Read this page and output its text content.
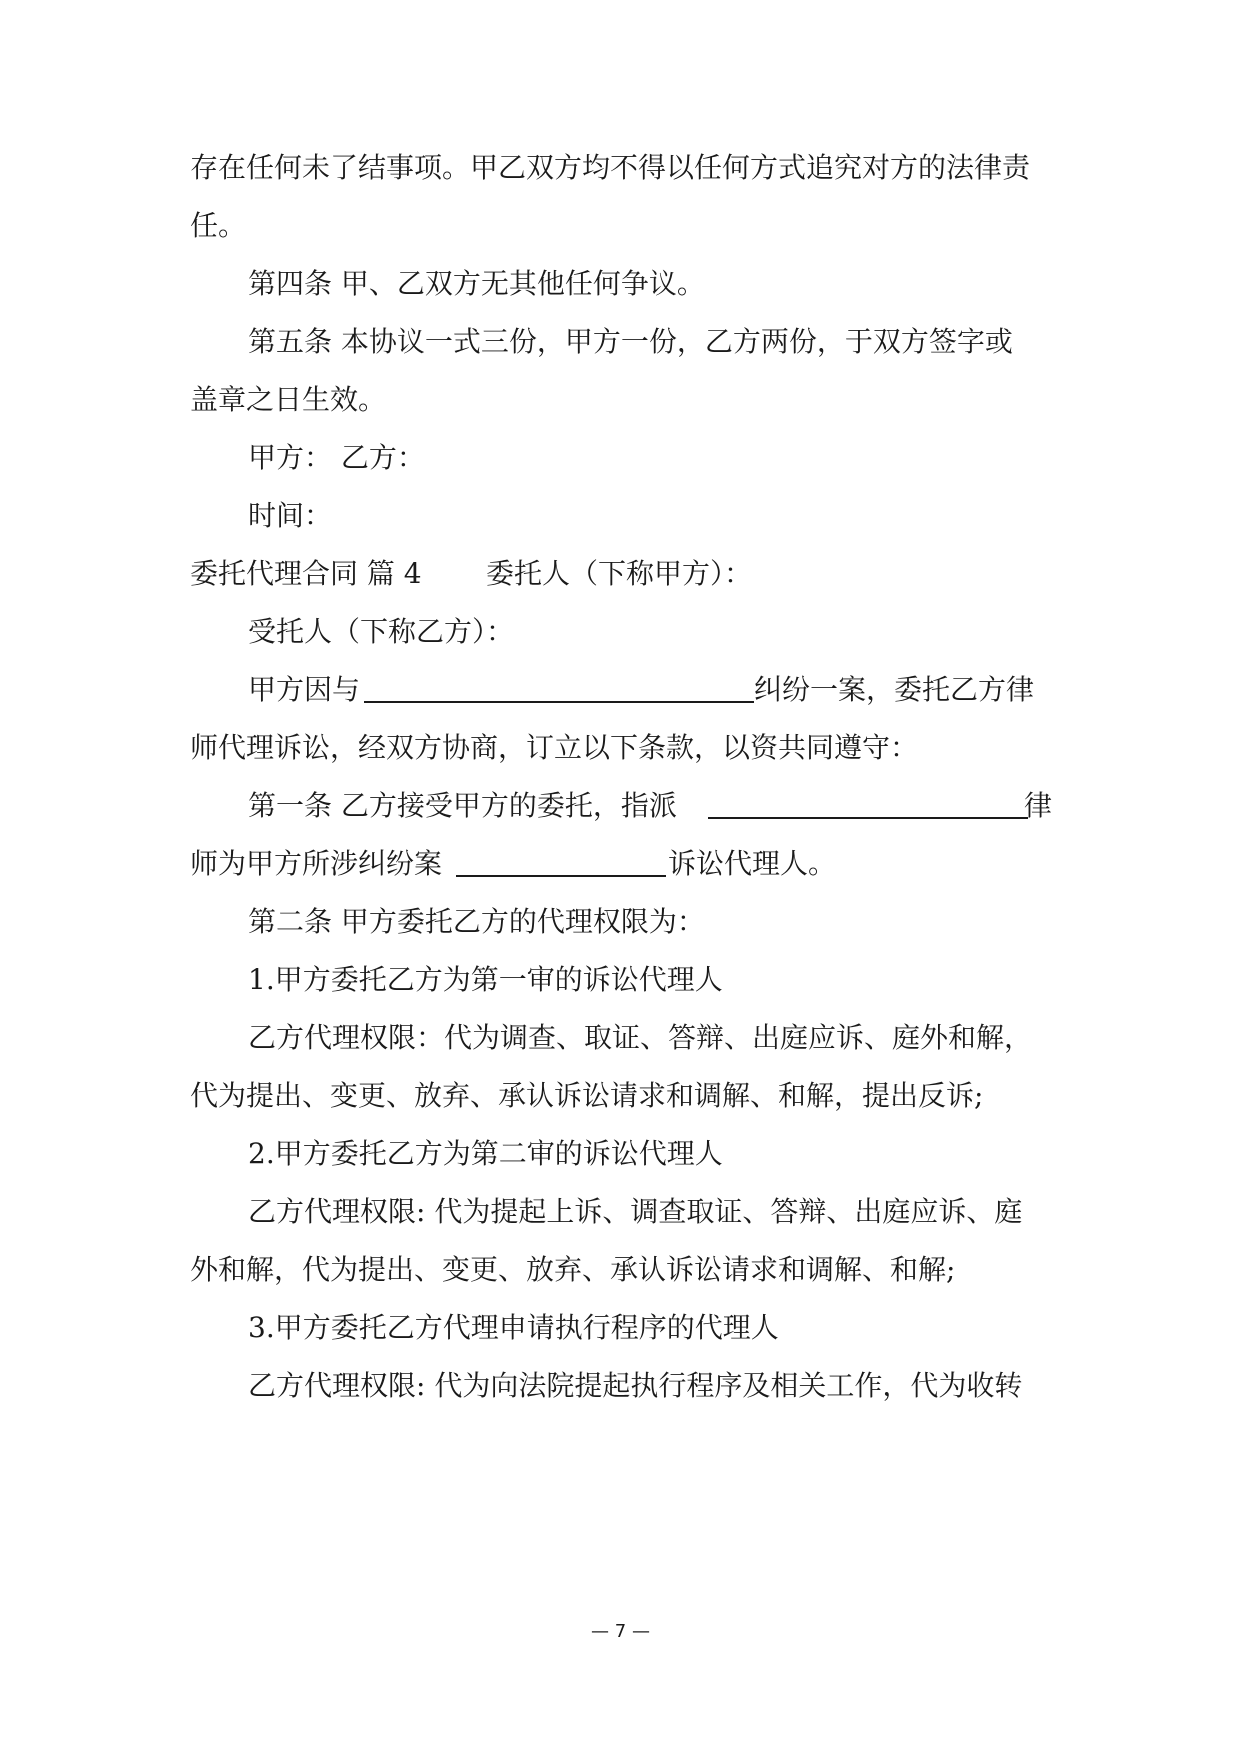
存在任何未了结事项。甲乙双方均不得以任何方式追究对方的法律责
任。
第四条 甲、乙双方无其他任何争议。
第五条 本协议一式三份，甲方一份，乙方两份，于双方签字或
盖章之日生效。
甲方： 乙方：
时间：
委托代理合同 篇 4 委托人（下称甲方）：
受托人（下称乙方）：
甲方因与	纠纷一案，委托乙方律
师代理诉讼，经双方协商，订立以下条款，以资共同遵守：
第一条 乙方接受甲方的委托，指派	律
师为甲方所涉纠纷案	诉讼代理人。
第二条 甲方委托乙方的代理权限为：
1.甲方委托乙方为第一审的诉讼代理人
乙方代理权限：代为调查、取证、答辩、出庭应诉、庭外和解，
代为提出、变更、放弃、承认诉讼请求和调解、和解，提出反诉;
2.甲方委托乙方为第二审的诉讼代理人
乙方代理权限: 代为提起上诉、调查取证、答辩、出庭应诉、庭
外和解，代为提出、变更、放弃、承认诉讼请求和调解、和解;
3.甲方委托乙方代理申请执行程序的代理人
乙方代理权限: 代为向法院提起执行程序及相关工作，代为收转
— 7 —
